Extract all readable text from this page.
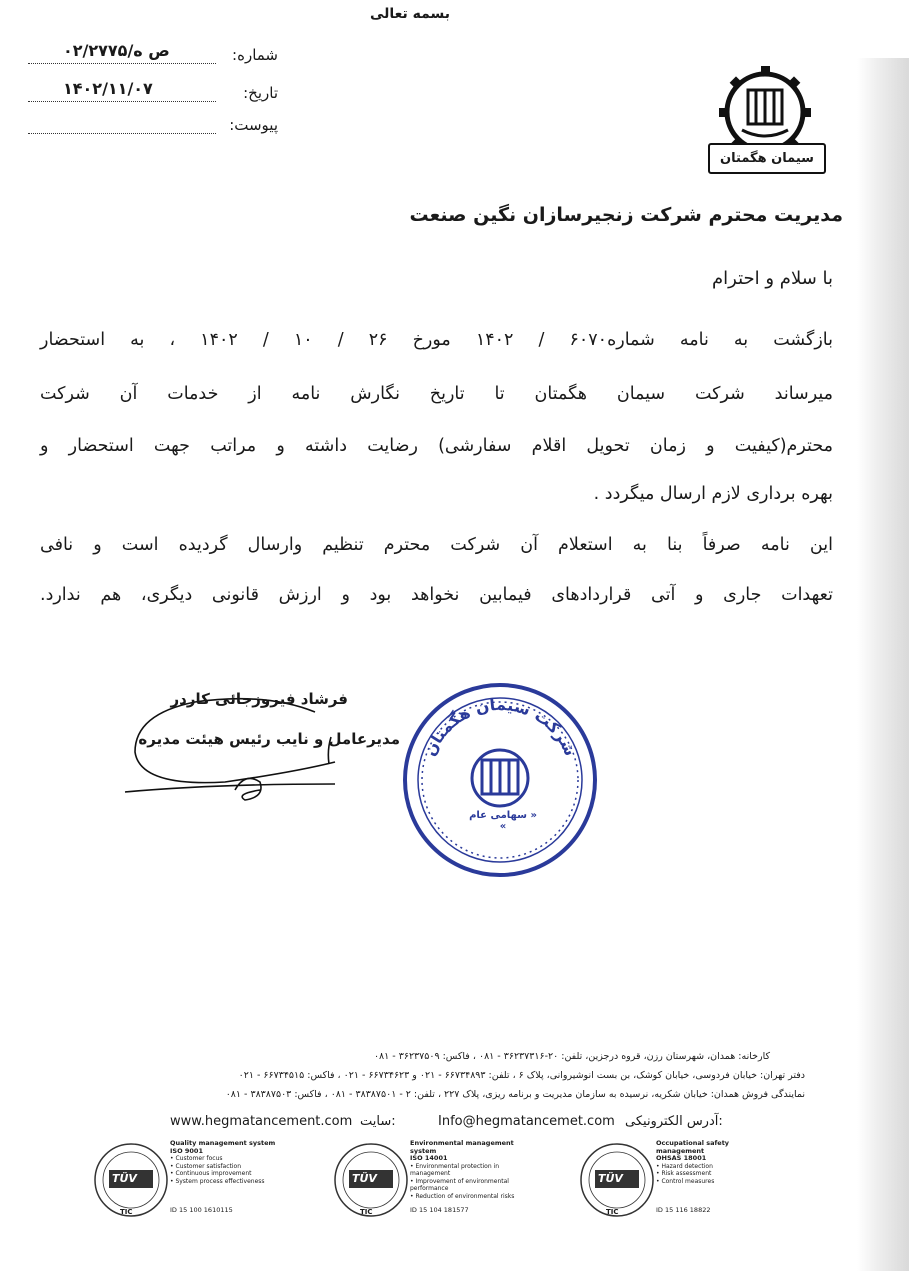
بسمه تعالی
شماره:
۰۲/۲۷۷۵/ص ه
تاریخ:
۱۴۰۲/۱۱/۰۷
پیوست:
سیمان هگمتان
مدیریت محترم شرکت زنجیرسازان نگین صنعت
با سلام و احترام
بازگشت به نامه شماره۶۰۷۰ / ۱۴۰۲ مورخ ۲۶ / ۱۰ / ۱۴۰۲ ، به استحضار
میرساند شرکت سیمان هگمتان تا تاریخ نگارش نامه از خدمات آن شرکت
محترم(کیفیت و زمان تحویل اقلام سفارشی) رضایت داشته و مراتب جهت استحضار و
بهره برداری لازم ارسال میگردد .
این نامه صرفاً بنا به استعلام آن شرکت محترم تنظیم وارسال گردیده است و نافی
تعهدات جاری و آتی قراردادهای فیمابین نخواهد بود و ارزش قانونی دیگری، هم ندارد.
فرشاد فیروزجائی کاردر
مدیرعامل و نایب رئیس هیئت مدیره شرکت سیمان هگمتان
« سهامی عام »
کارخانه: همدان، شهرستان رزن، قروه درجزین، تلفن: ۲۰-۳۶۲۳۷۳۱۶ - ۰۸۱ ، فاکس: ۳۶۲۳۷۵۰۹ - ۰۸۱
دفتر تهران: خیابان فردوسی، خیابان کوشک، بن بست انوشیروانی، پلاک ۶ ، تلفن: ۶۶۷۳۴۸۹۳ - ۰۲۱ و ۶۶۷۳۴۶۲۳ - ۰۲۱ ، فاکس: ۶۶۷۳۴۵۱۵ - ۰۲۱
نمایندگی فروش همدان: خیابان شکریه، نرسیده به سازمان مدیریت و برنامه ریزی، پلاک ۲۲۷ ، تلفن: ۲ - ۳۸۳۸۷۵۰۱ - ۰۸۱ ، فاکس: ۳۸۳۸۷۵۰۳ - ۰۸۱
www.hegmatancement.com سایت:	Info@hegmatancemet.com آدرس الکترونیکی:
TÜV
TIC
Quality management system
ISO 9001
• Customer focus
• Customer satisfaction
• Continuous improvement
• System process effectiveness
ID 15 100 1610115
TÜV
TIC
Environmental management system
ISO 14001
• Environmental protection in management
• Improvement of environmental performance
• Reduction of environmental risks
ID 15 104 181577
TÜV
TIC
Occupational safety management
OHSAS 18001
• Hazard detection
• Risk assessment
• Control measures
ID 15 116 18822
